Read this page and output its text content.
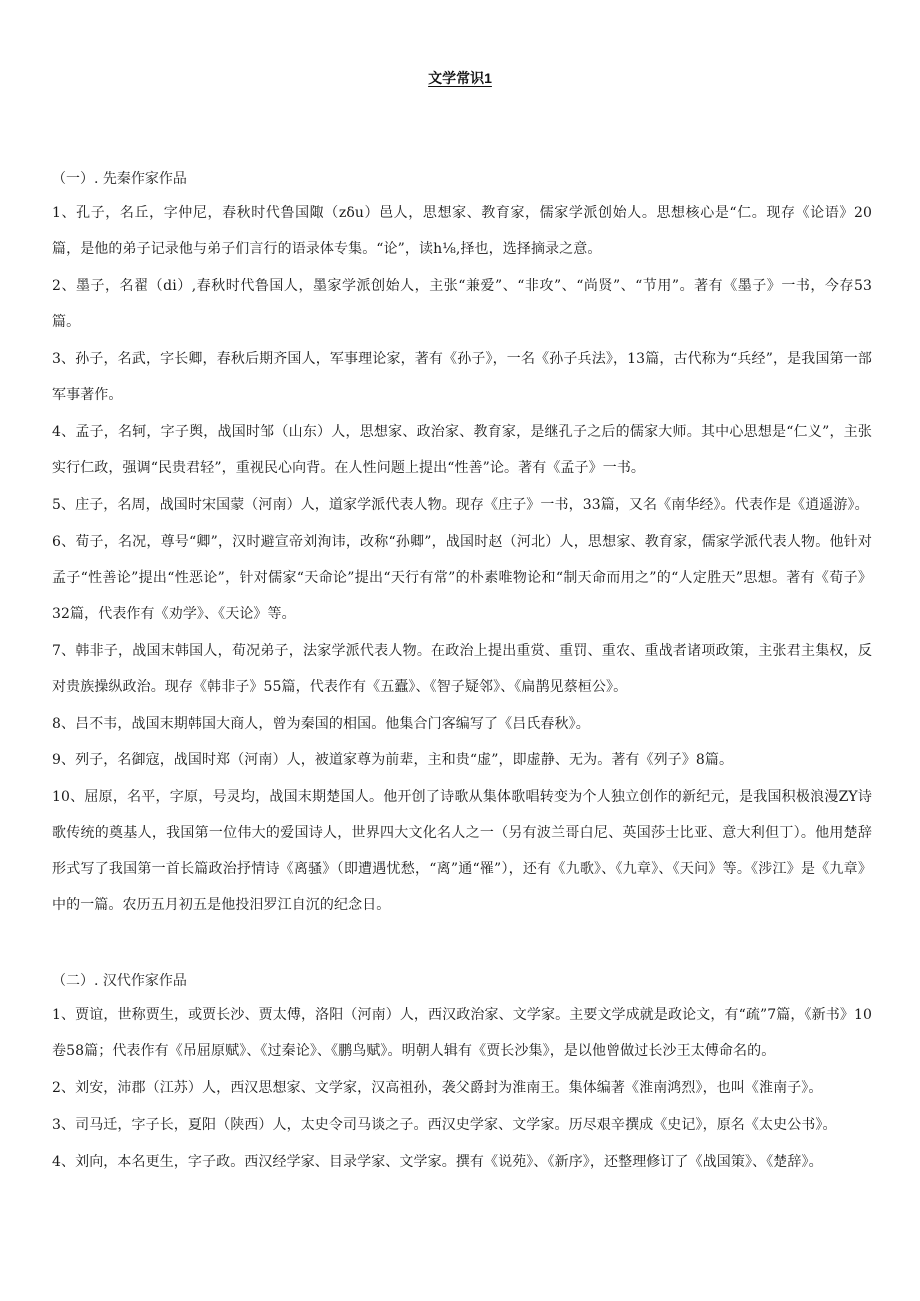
文学常识1
（一）. 先秦作家作品
1、孔子，名丘，字仲尼，春秋时代鲁国陬（zδu）邑人，思想家、教育家，儒家学派创始人。思想核心是“仁。现存《论语》20篇，是他的弟子记录他与弟子们言行的语录体专集。“论”，读h⅛,择也，选择摘录之意。
2、墨子，名翟（di）,春秋时代鲁国人，墨家学派创始人，主张“兼爱”、“非攻”、“尚贤”、“节用”。著有《墨子》一书，今存53篇。
3、孙子，名武，字长卿，春秋后期齐国人，军事理论家，著有《孙子》，一名《孙子兵法》，13篇，古代称为“兵经”，是我国第一部军事著作。
4、孟子，名轲，字子舆，战国时邹（山东）人，思想家、政治家、教育家，是继孔子之后的儒家大师。其中心思想是“仁义”，主张实行仁政，强调“民贵君轻”，重视民心向背。在人性问题上提出“性善”论。著有《孟子》一书。
5、庄子，名周，战国时宋国蒙（河南）人，道家学派代表人物。现存《庄子》一书，33篇，又名《南华经》。代表作是《逍遥游》。
6、荀子，名况，尊号“卿”，汉时避宣帝刘洵讳，改称“孙卿”，战国时赵（河北）人，思想家、教育家，儒家学派代表人物。他针对孟子“性善论”提出“性恶论”，针对儒家“天命论”提出“天行有常”的朴素唯物论和“制天命而用之”的“人定胜天”思想。著有《荀子》32篇，代表作有《劝学》、《天论》等。
7、韩非子，战国末韩国人，荀况弟子，法家学派代表人物。在政治上提出重赏、重罚、重农、重战者诸项政策，主张君主集权，反对贵族操纵政治。现存《韩非子》55篇，代表作有《五蠹》、《智子疑邻》、《扁鹊见蔡桓公》。
8、吕不韦，战国末期韩国大商人，曾为秦国的相国。他集合门客编写了《吕氏春秋》。
9、列子，名御寇，战国时郑（河南）人，被道家尊为前辈，主和贵“虚”，即虚静、无为。著有《列子》8篇。
10、屈原，名平，字原，号灵均，战国末期楚国人。他开创了诗歌从集体歌唱转变为个人独立创作的新纪元，是我国积极浪漫ZY诗歌传统的奠基人，我国第一位伟大的爱国诗人，世界四大文化名人之一（另有波兰哥白尼、英国莎士比亚、意大利但丁）。他用楚辞形式写了我国第一首长篇政治抒情诗《离骚》（即遭遇忧愁，“离”通“罹”），还有《九歌》、《九章》、《天问》等。《涉江》是《九章》中的一篇。农历五月初五是他投汨罗江自沉的纪念日。
（二）. 汉代作家作品
1、贾谊，世称贾生，或贾长沙、贾太傅，洛阳（河南）人，西汉政治家、文学家。主要文学成就是政论文，有“疏”7篇，《新书》10卷58篇；代表作有《吊屈原赋》、《过秦论》、《鹏鸟赋》。明朝人辑有《贾长沙集》，是以他曾做过长沙王太傅命名的。
2、刘安，沛郡（江苏）人，西汉思想家、文学家，汉高祖孙，袭父爵封为淮南王。集体编著《淮南鸿烈》，也叫《淮南子》。
3、司马迁，字子长，夏阳（陕西）人，太史令司马谈之子。西汉史学家、文学家。历尽艰辛撰成《史记》，原名《太史公书》。
4、刘向，本名更生，字子政。西汉经学家、目录学家、文学家。撰有《说苑》、《新序》，还整理修订了《战国策》、《楚辞》。
